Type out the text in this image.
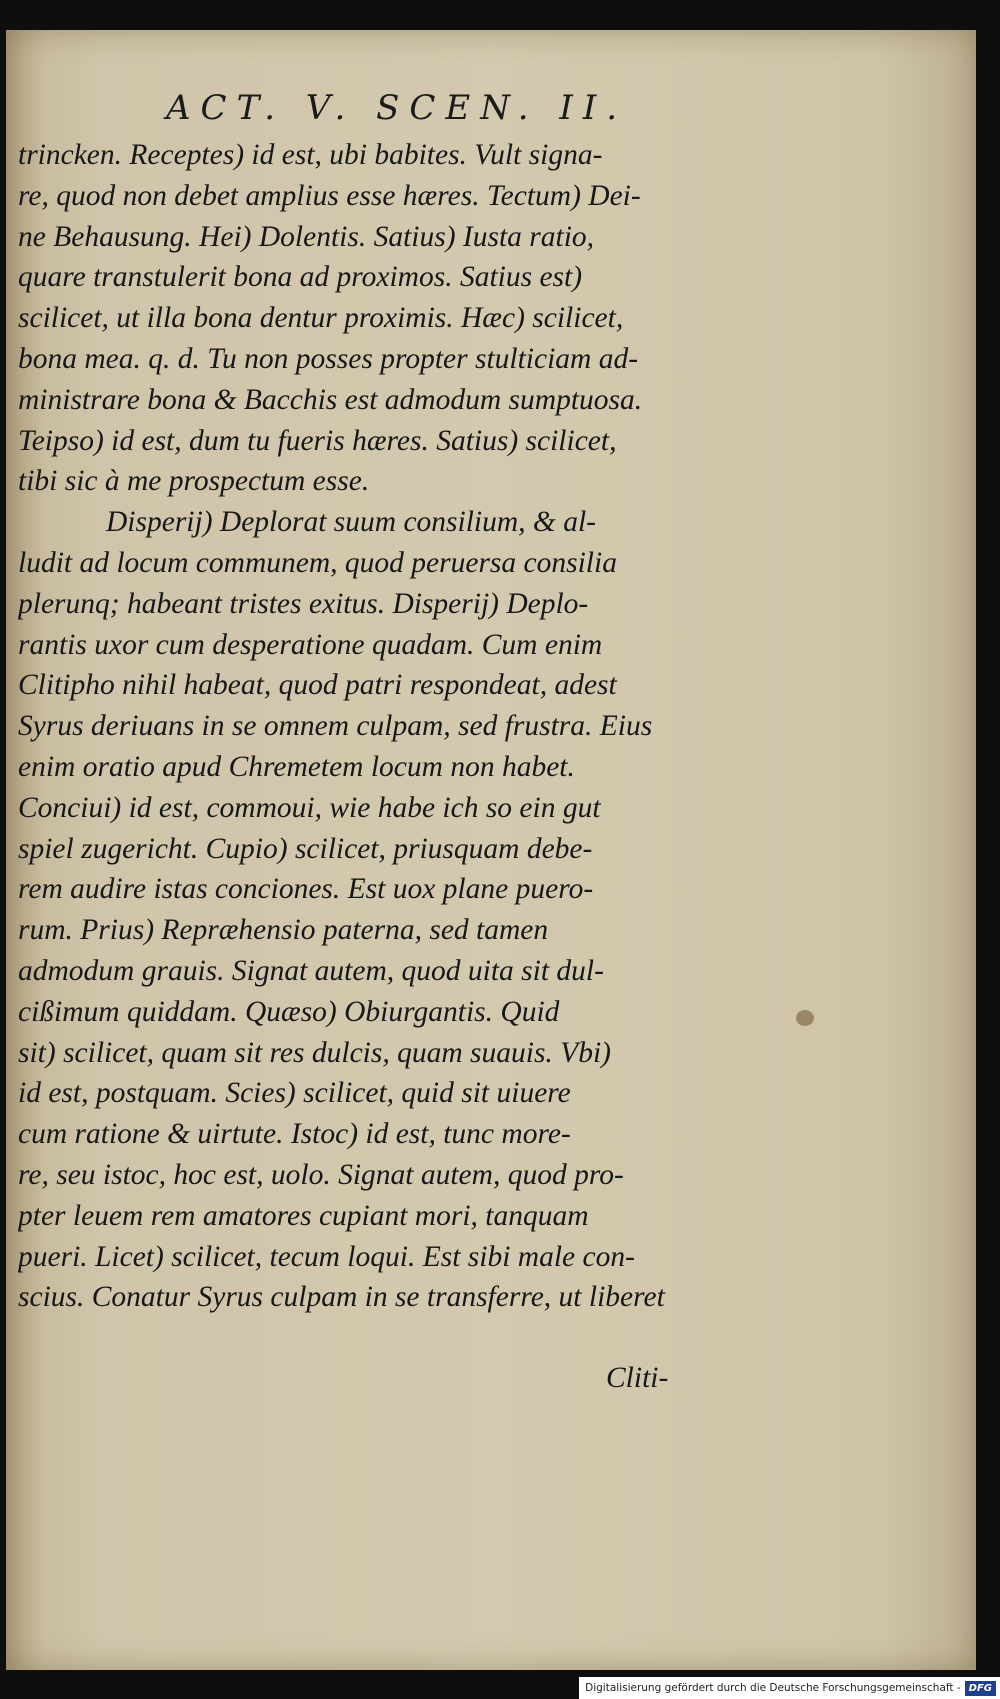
ACT. V. SCEN. II.
trincken. Receptes) id est, ubi babites. Vult signa-
re, quod non debet amplius esse hæres. Tectum) Dei-
ne Behausung. Hei) Dolentis. Satius) Iusta ratio,
quare transtulerit bona ad proximos. Satius est)
scilicet, ut illa bona dentur proximis. Hæc) scilicet,
bona mea. q. d. Tu non posses propter stulticiam ad-
ministrare bona & Bacchis est admodum sumptuosa.
Teipso) id est, dum tu fueris hæres. Satius) scilicet,
tibi sic à me prospectum esse.
Disperij) Deplorat suum consilium, & al-
ludit ad locum communem, quod peruersa consilia
plerunq; habeant tristes exitus. Disperij) Deplo-
rantis uxor cum desperatione quadam. Cum enim
Clitipho nihil habeat, quod patri respondeat, adest
Syrus deriuans in se omnem culpam, sed frustra. Eius
enim oratio apud Chremetem locum non habet.
Conciui) id est, commoui, wie habe ich so ein gut
spiel zugericht. Cupio) scilicet, priusquam debe-
rem audire istas conciones. Est uox plane puero-
rum. Prius) Repræhensio paterna, sed tamen
admodum grauis. Signat autem, quod uita sit dul-
cißimum quiddam. Quæso) Obiurgantis. Quid
sit) scilicet, quam sit res dulcis, quam suauis. Vbi)
id est, postquam. Scies) scilicet, quid sit uiuere
cum ratione & uirtute. Istoc) id est, tunc more-
re, seu istoc, hoc est, uolo. Signat autem, quod pro-
pter leuem rem amatores cupiant mori, tanquam
pueri. Licet) scilicet, tecum loqui. Est sibi male con-
scius. Conatur Syrus culpam in se transferre, ut liberet
Cliti-
Digitalisierung gefördert durch die Deutsche Forschungsgemeinschaft - DFG
